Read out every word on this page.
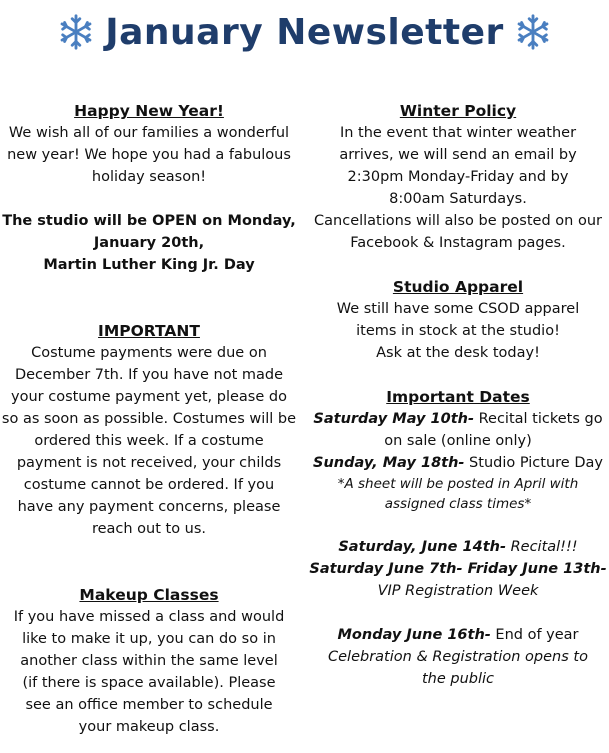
January Newsletter
Happy New Year!
We wish all of our families a wonderful
new year! We hope you had a fabulous
holiday season!
The studio will be OPEN on Monday,
January 20th,
Martin Luther King Jr. Day
IMPORTANT
Costume payments were due on
December 7th. If you have not made
your costume payment yet, please do
so as soon as possible. Costumes will be
ordered this week. If a costume
payment is not received, your childs
costume cannot be ordered. If you
have any payment concerns, please
reach out to us.
Makeup Classes
If you have missed a class and would
like to make it up, you can do so in
another class within the same level
(if there is space available). Please
see an office member to schedule
your makeup class.
Winter Policy
In the event that winter weather
arrives, we will send an email by
2:30pm Monday-Friday and by
8:00am Saturdays.
Cancellations will also be posted on our
Facebook & Instagram pages.
Studio Apparel
We still have some CSOD apparel
items in stock at the studio!
Ask at the desk today!
Important Dates
Saturday May 10th- Recital tickets go
on sale (online only)
Sunday, May 18th- Studio Picture Day
*A sheet will be posted in April with
assigned class times*
Saturday, June 14th- Recital!!!
Saturday June 7th- Friday June 13th-
VIP Registration Week
Monday June 16th- End of year
Celebration & Registration opens to
the public
